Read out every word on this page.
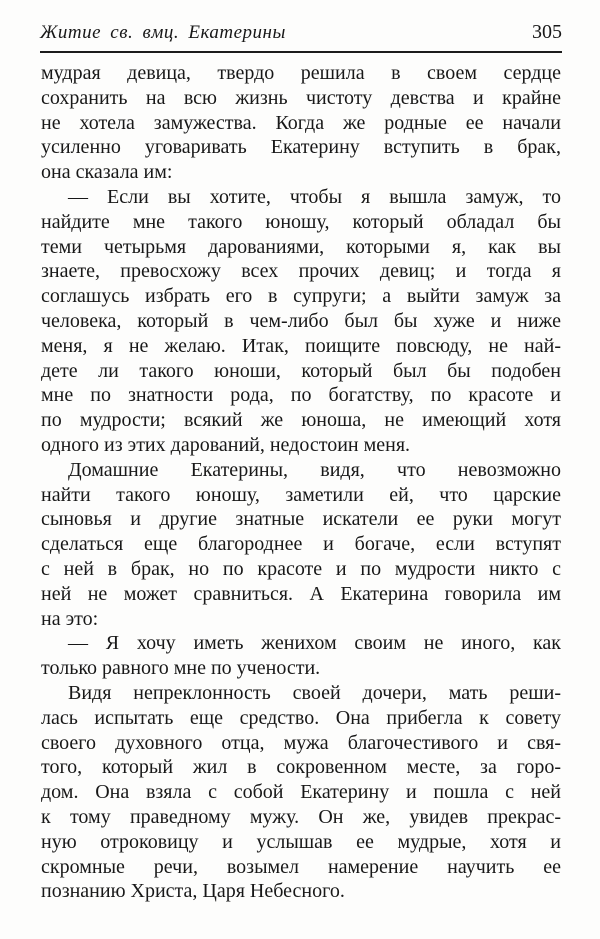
Житие св. вмц. Екатерины	305
мудрая девица, твердо решила в своем сердце
сохранить на всю жизнь чистоту девства и крайне
не хотела замужества. Когда же родные ее начали
усиленно уговаривать Екатерину вступить в брак,
она сказала им:
— Если вы хотите, чтобы я вышла замуж, то
найдите мне такого юношу, который обладал бы
теми четырьмя дарованиями, которыми я, как вы
знаете, превосхожу всех прочих девиц; и тогда я
соглашусь избрать его в супруги; а выйти замуж за
человека, который в чем-либо был бы хуже и ниже
меня, я не желаю. Итак, поищите повсюду, не най-
дете ли такого юноши, который был бы подобен
мне по знатности рода, по богатству, по красоте и
по мудрости; всякий же юноша, не имеющий хотя
одного из этих дарований, недостоин меня.
Домашние Екатерины, видя, что невозможно
найти такого юношу, заметили ей, что царские
сыновья и другие знатные искатели ее руки могут
сделаться еще благороднее и богаче, если вступят
с ней в брак, но по красоте и по мудрости никто с
ней не может сравниться. А Екатерина говорила им
на это:
— Я хочу иметь женихом своим не иного, как
только равного мне по учености.
Видя непреклонность своей дочери, мать реши-
лась испытать еще средство. Она прибегла к совету
своего духовного отца, мужа благочестивого и свя-
того, который жил в сокровенном месте, за горо-
дом. Она взяла с собой Екатерину и пошла с ней
к тому праведному мужу. Он же, увидев прекрас-
ную отроковицу и услышав ее мудрые, хотя и
скромные речи, возымел намерение научить ее
познанию Христа, Царя Небесного.
